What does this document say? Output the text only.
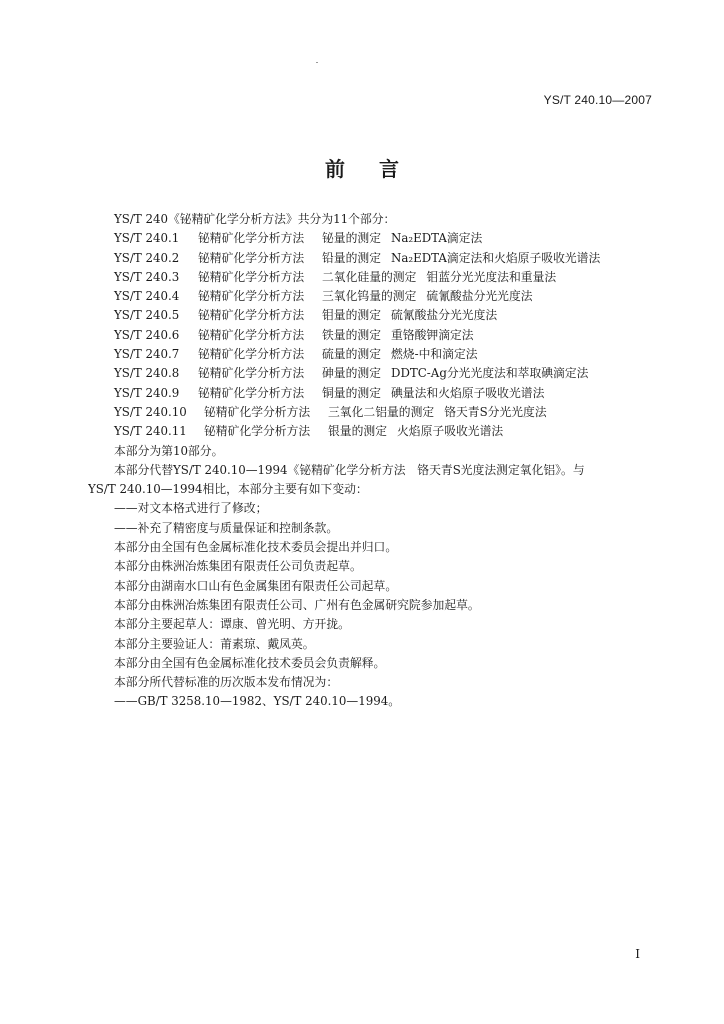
YS/T 240.10—2007
前言
YS/T 240《铋精矿化学分析方法》共分为11个部分：
YS/T 240.1 铋精矿化学分析方法 铋量的测定 Na₂EDTA滴定法
YS/T 240.2 铋精矿化学分析方法 铅量的测定 Na₂EDTA滴定法和火焰原子吸收光谱法
YS/T 240.3 铋精矿化学分析方法 二氧化硅量的测定 钼蓝分光光度法和重量法
YS/T 240.4 铋精矿化学分析方法 三氧化钨量的测定 硫氰酸盐分光光度法
YS/T 240.5 铋精矿化学分析方法 钼量的测定 硫氰酸盐分光光度法
YS/T 240.6 铋精矿化学分析方法 铁量的测定 重铬酸钾滴定法
YS/T 240.7 铋精矿化学分析方法 硫量的测定 燃烧-中和滴定法
YS/T 240.8 铋精矿化学分析方法 砷量的测定 DDTC-Ag分光光度法和萃取碘滴定法
YS/T 240.9 铋精矿化学分析方法 铜量的测定 碘量法和火焰原子吸收光谱法
YS/T 240.10 铋精矿化学分析方法 三氧化二铝量的测定 铬天青S分光光度法
YS/T 240.11 铋精矿化学分析方法 银量的测定 火焰原子吸收光谱法
本部分为第10部分。
本部分代替YS/T 240.10—1994《铋精矿化学分析方法　铬天青S光度法测定氧化铝》。与
YS/T 240.10—1994相比，本部分主要有如下变动：
——对文本格式进行了修改；
——补充了精密度与质量保证和控制条款。
本部分由全国有色金属标准化技术委员会提出并归口。
本部分由株洲冶炼集团有限责任公司负责起草。
本部分由湖南水口山有色金属集团有限责任公司起草。
本部分由株洲冶炼集团有限责任公司、广州有色金属研究院参加起草。
本部分主要起草人：谭康、曾光明、方开拢。
本部分主要验证人：莆素琼、戴凤英。
本部分由全国有色金属标准化技术委员会负责解释。
本部分所代替标准的历次版本发布情况为：
——GB/T 3258.10—1982、YS/T 240.10—1994。
I
